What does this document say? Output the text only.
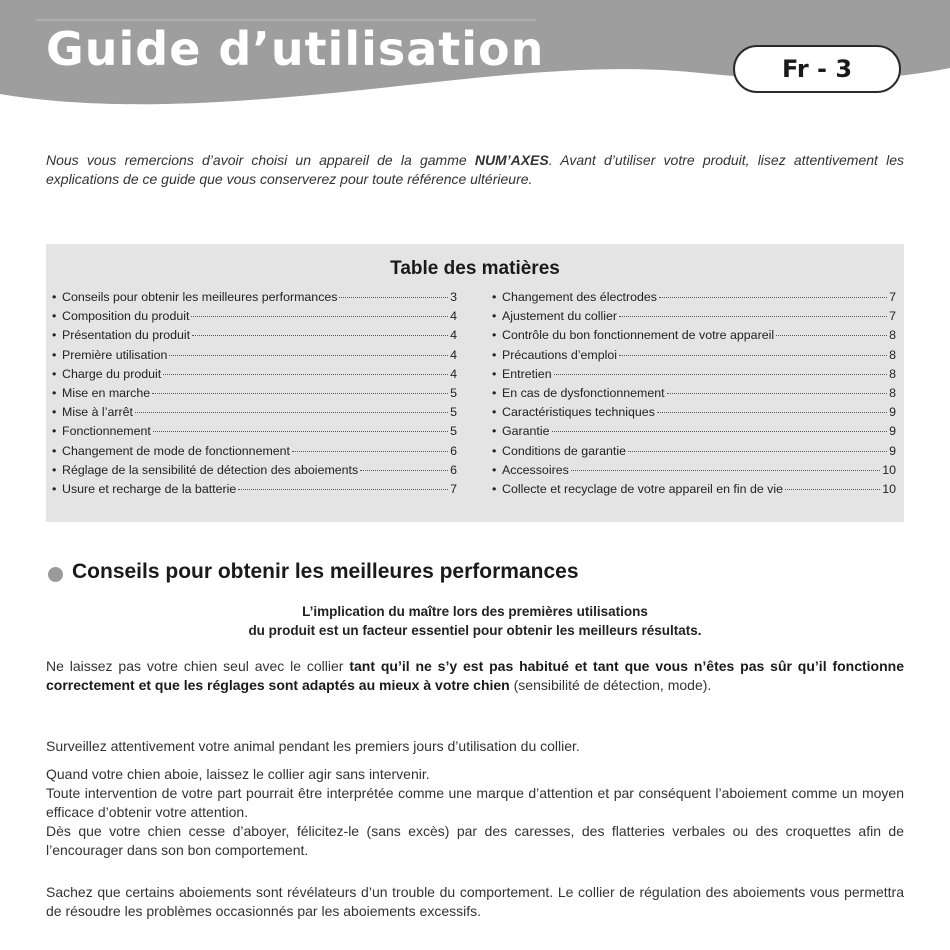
Guide d’utilisation	Fr - 3

Nous vous remercions d’avoir choisi un appareil de la gamme NUM’AXES. Avant d’utiliser votre produit, lisez attentivement les explications de ce guide que vous conserverez pour toute référence ultérieure.

Table des matières
• Conseils pour obtenir les meilleures performances	3
• Composition du produit	4
• Présentation du produit	4
• Première utilisation	4
• Charge du produit	4
• Mise en marche	5
• Mise à l’arrêt	5
• Fonctionnement	5
• Changement de mode de fonctionnement	6
• Réglage de la sensibilité de détection des aboiements	6
• Usure et recharge de la batterie	7
• Changement des électrodes	7
• Ajustement du collier	7
• Contrôle du bon fonctionnement de votre appareil	8
• Précautions d’emploi	8
• Entretien	8
• En cas de dysfonctionnement	8
• Caractéristiques techniques	9
• Garantie	9
• Conditions de garantie	9
• Accessoires	10
• Collecte et recyclage de votre appareil en fin de vie	10
Conseils pour obtenir les meilleures performances

L’implication du maître lors des premières utilisations
du produit est un facteur essentiel pour obtenir les meilleurs résultats.

Ne laissez pas votre chien seul avec le collier tant qu’il ne s’y est pas habitué et tant que vous n’êtes pas sûr qu’il fonctionne correctement et que les réglages sont adaptés au mieux à votre chien (sensibilité de détection, mode).

Surveillez attentivement votre animal pendant les premiers jours d’utilisation du collier.

Quand votre chien aboie, laissez le collier agir sans intervenir.
Toute intervention de votre part pourrait être interprétée comme une marque d’attention et par conséquent l’aboiement comme un moyen efficace d’obtenir votre attention.
Dès que votre chien cesse d’aboyer, félicitez-le (sans excès) par des caresses, des flatteries verbales ou des croquettes afin de l’encourager dans son bon comportement.

Sachez que certains aboiements sont révélateurs d’un trouble du comportement. Le collier de régulation des aboiements vous permettra de résoudre les problèmes occasionnés par les aboiements excessifs.
